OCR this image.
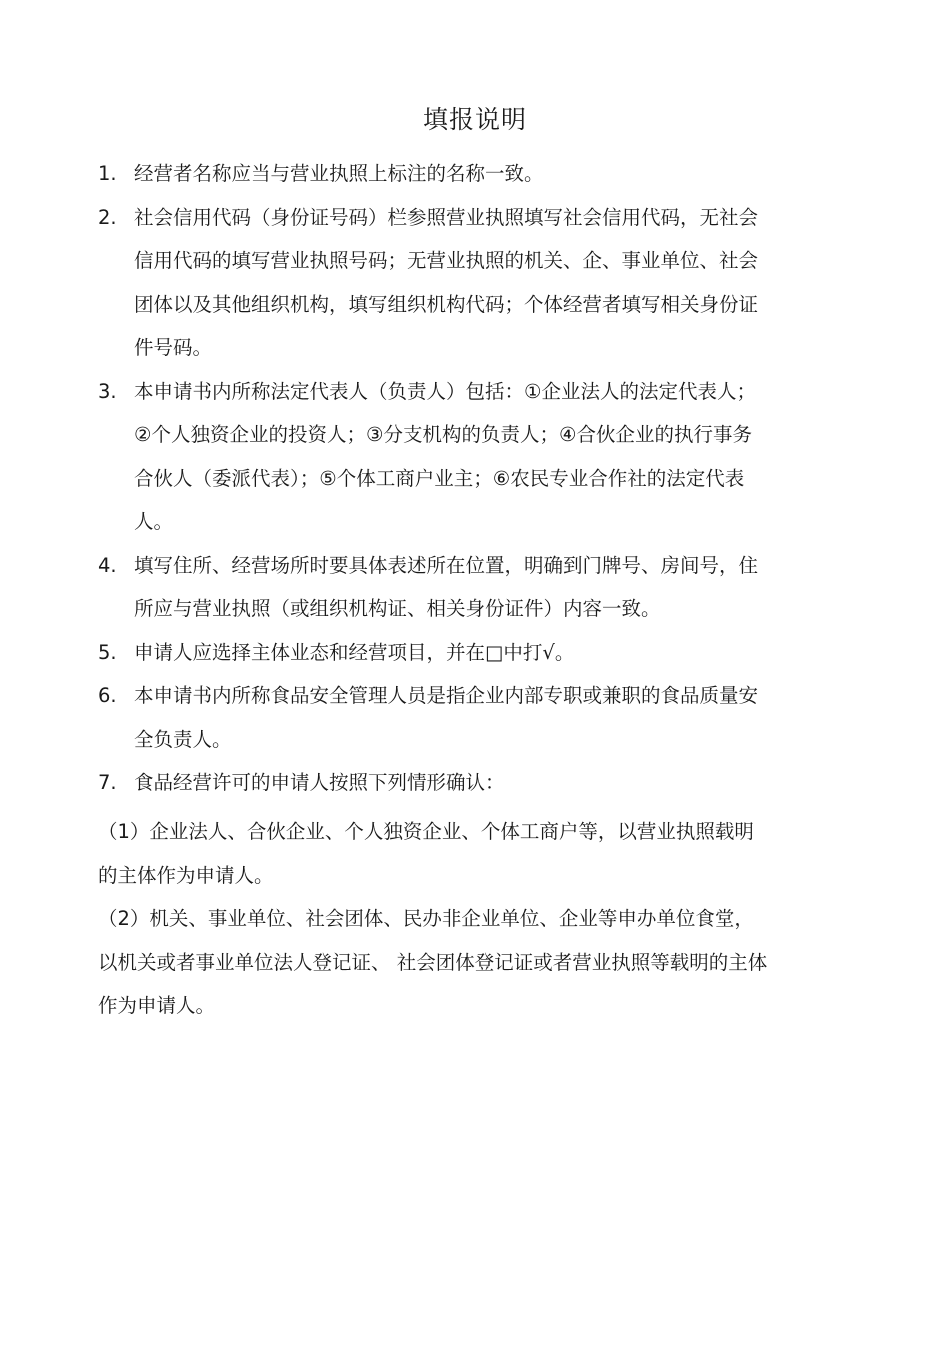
填报说明
1. 经营者名称应当与营业执照上标注的名称一致。
2. 社会信用代码（身份证号码）栏参照营业执照填写社会信用代码，无社会
信用代码的填写营业执照号码；无营业执照的机关、企、事业单位、社会
团体以及其他组织机构，填写组织机构代码；个体经营者填写相关身份证
件号码。
3. 本申请书内所称法定代表人（负责人）包括：①企业法人的法定代表人；
②个人独资企业的投资人；③分支机构的负责人；④合伙企业的执行事务
合伙人（委派代表）；⑤个体工商户业主；⑥农民专业合作社的法定代表
人。
4. 填写住所、经营场所时要具体表述所在位置，明确到门牌号、房间号，住
所应与营业执照（或组织机构证、相关身份证件）内容一致。
5. 申请人应选择主体业态和经营项目，并在□中打√。
6. 本申请书内所称食品安全管理人员是指企业内部专职或兼职的食品质量安
全负责人。
7. 食品经营许可的申请人按照下列情形确认：
（1）企业法人、合伙企业、个人独资企业、个体工商户等，以营业执照载明
的主体作为申请人。
（2）机关、事业单位、社会团体、民办非企业单位、企业等申办单位食堂，
以机关或者事业单位法人登记证、 社会团体登记证或者营业执照等载明的主体
作为申请人。
